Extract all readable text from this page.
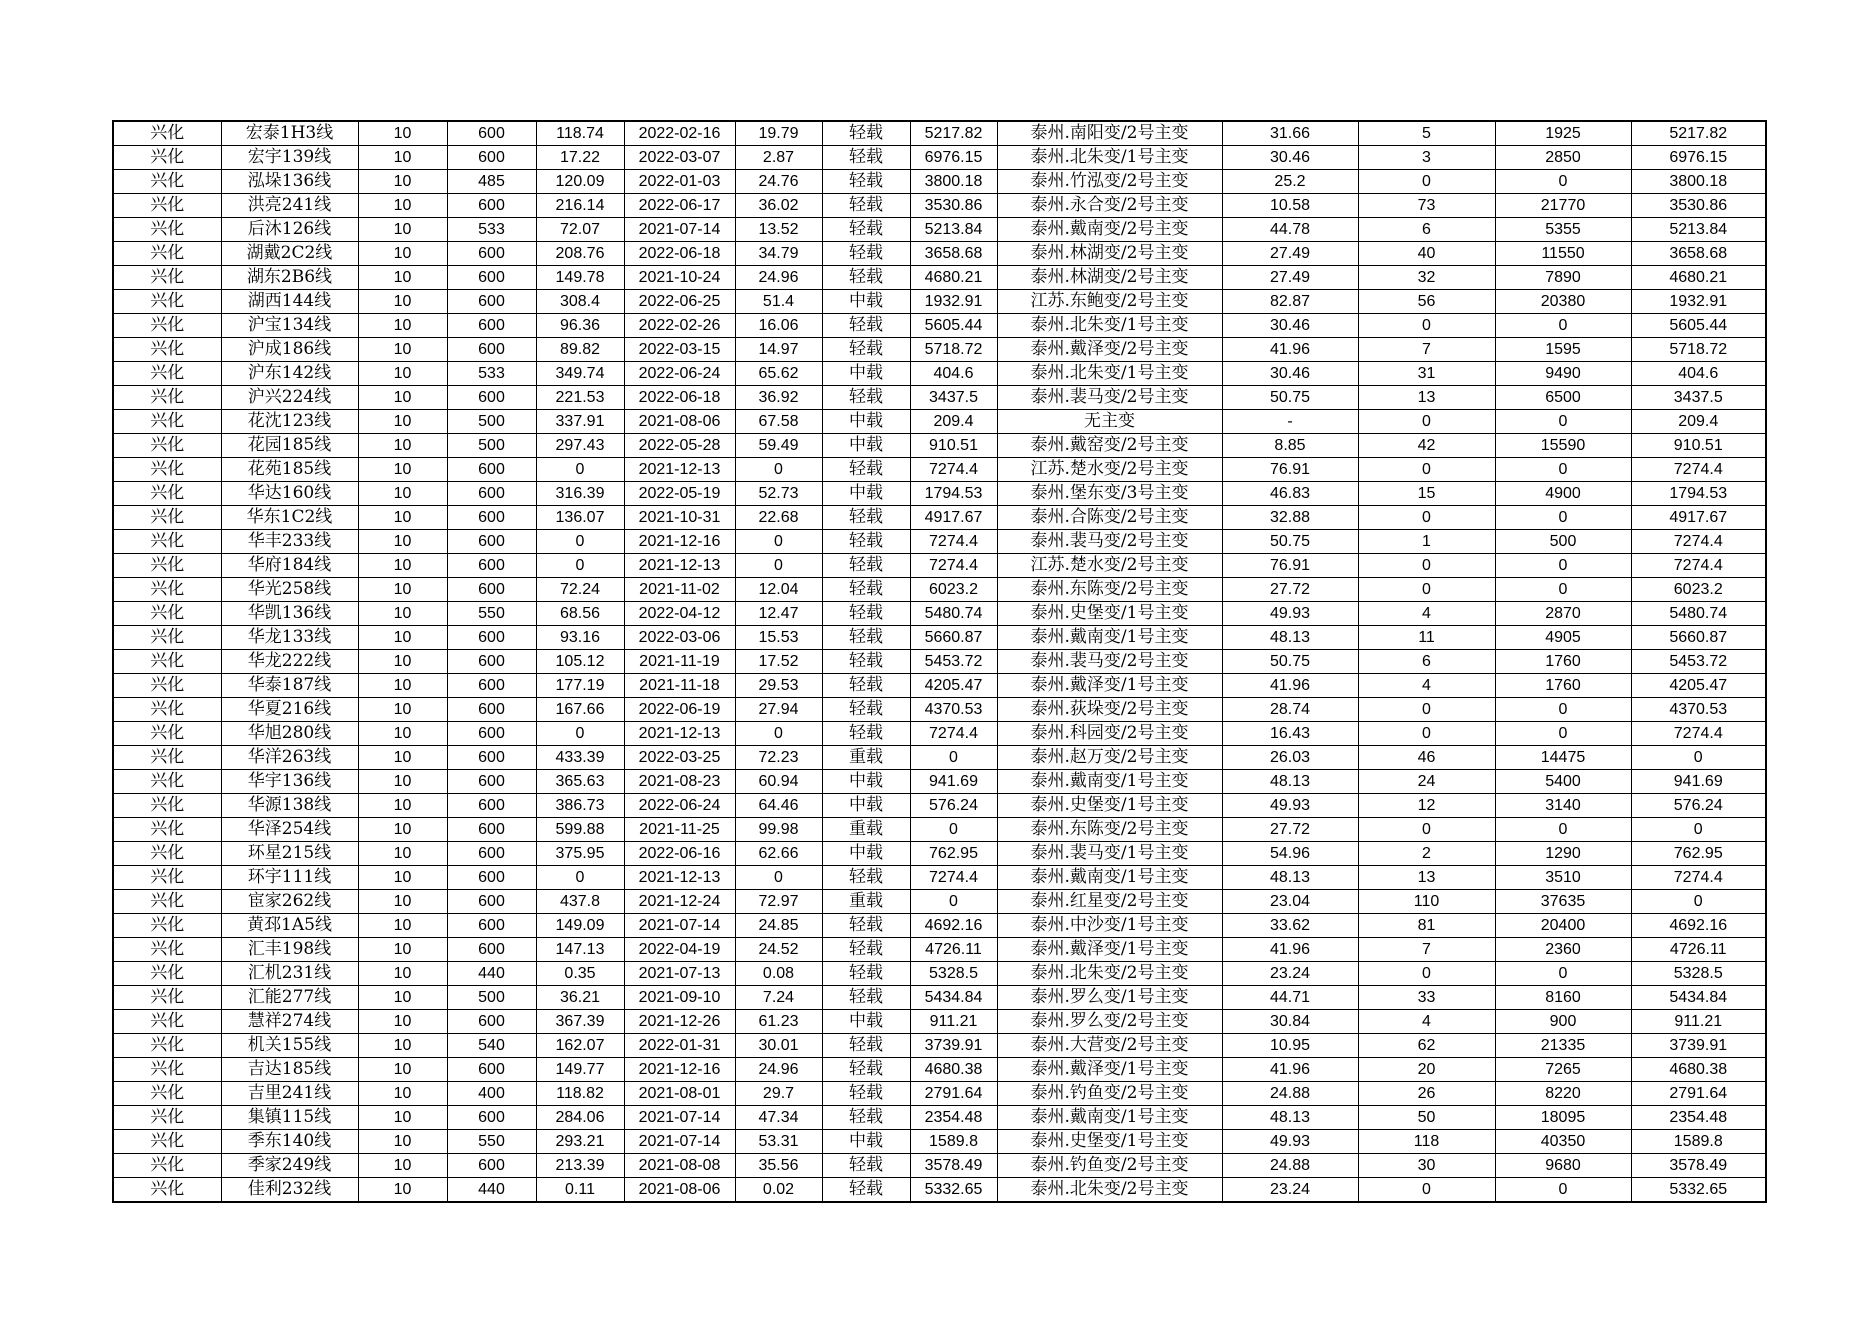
兴化	宏泰1H3线	10	600	118.74	2022-02-16	19.79	轻载	5217.82	泰州.南阳变/2号主变	31.66	5	1925	5217.82
兴化	宏宇139线	10	600	17.22	2022-03-07	2.87	轻载	6976.15	泰州.北朱变/1号主变	30.46	3	2850	6976.15
兴化	泓垛136线	10	485	120.09	2022-01-03	24.76	轻载	3800.18	泰州.竹泓变/2号主变	25.2	0	0	3800.18
兴化	洪亮241线	10	600	216.14	2022-06-17	36.02	轻载	3530.86	泰州.永合变/2号主变	10.58	73	21770	3530.86
兴化	后沐126线	10	533	72.07	2021-07-14	13.52	轻载	5213.84	泰州.戴南变/2号主变	44.78	6	5355	5213.84
兴化	湖戴2C2线	10	600	208.76	2022-06-18	34.79	轻载	3658.68	泰州.林湖变/2号主变	27.49	40	11550	3658.68
兴化	湖东2B6线	10	600	149.78	2021-10-24	24.96	轻载	4680.21	泰州.林湖变/2号主变	27.49	32	7890	4680.21
兴化	湖西144线	10	600	308.4	2022-06-25	51.4	中载	1932.91	江苏.东鲍变/2号主变	82.87	56	20380	1932.91
兴化	沪宝134线	10	600	96.36	2022-02-26	16.06	轻载	5605.44	泰州.北朱变/1号主变	30.46	0	0	5605.44
兴化	沪成186线	10	600	89.82	2022-03-15	14.97	轻载	5718.72	泰州.戴泽变/2号主变	41.96	7	1595	5718.72
兴化	沪东142线	10	533	349.74	2022-06-24	65.62	中载	404.6	泰州.北朱变/1号主变	30.46	31	9490	404.6
兴化	沪兴224线	10	600	221.53	2022-06-18	36.92	轻载	3437.5	泰州.裴马变/2号主变	50.75	13	6500	3437.5
兴化	花沈123线	10	500	337.91	2021-08-06	67.58	中载	209.4	无主变	-	0	0	209.4
兴化	花园185线	10	500	297.43	2022-05-28	59.49	中载	910.51	泰州.戴窑变/2号主变	8.85	42	15590	910.51
兴化	花苑185线	10	600	0	2021-12-13	0	轻载	7274.4	江苏.楚水变/2号主变	76.91	0	0	7274.4
兴化	华达160线	10	600	316.39	2022-05-19	52.73	中载	1794.53	泰州.堡东变/3号主变	46.83	15	4900	1794.53
兴化	华东1C2线	10	600	136.07	2021-10-31	22.68	轻载	4917.67	泰州.合陈变/2号主变	32.88	0	0	4917.67
兴化	华丰233线	10	600	0	2021-12-16	0	轻载	7274.4	泰州.裴马变/2号主变	50.75	1	500	7274.4
兴化	华府184线	10	600	0	2021-12-13	0	轻载	7274.4	江苏.楚水变/2号主变	76.91	0	0	7274.4
兴化	华光258线	10	600	72.24	2021-11-02	12.04	轻载	6023.2	泰州.东陈变/2号主变	27.72	0	0	6023.2
兴化	华凯136线	10	550	68.56	2022-04-12	12.47	轻载	5480.74	泰州.史堡变/1号主变	49.93	4	2870	5480.74
兴化	华龙133线	10	600	93.16	2022-03-06	15.53	轻载	5660.87	泰州.戴南变/1号主变	48.13	11	4905	5660.87
兴化	华龙222线	10	600	105.12	2021-11-19	17.52	轻载	5453.72	泰州.裴马变/2号主变	50.75	6	1760	5453.72
兴化	华泰187线	10	600	177.19	2021-11-18	29.53	轻载	4205.47	泰州.戴泽变/1号主变	41.96	4	1760	4205.47
兴化	华夏216线	10	600	167.66	2022-06-19	27.94	轻载	4370.53	泰州.荻垛变/2号主变	28.74	0	0	4370.53
兴化	华旭280线	10	600	0	2021-12-13	0	轻载	7274.4	泰州.科园变/2号主变	16.43	0	0	7274.4
兴化	华洋263线	10	600	433.39	2022-03-25	72.23	重载	0	泰州.赵万变/2号主变	26.03	46	14475	0
兴化	华宇136线	10	600	365.63	2021-08-23	60.94	中载	941.69	泰州.戴南变/1号主变	48.13	24	5400	941.69
兴化	华源138线	10	600	386.73	2022-06-24	64.46	中载	576.24	泰州.史堡变/1号主变	49.93	12	3140	576.24
兴化	华泽254线	10	600	599.88	2021-11-25	99.98	重载	0	泰州.东陈变/2号主变	27.72	0	0	0
兴化	环星215线	10	600	375.95	2022-06-16	62.66	中载	762.95	泰州.裴马变/1号主变	54.96	2	1290	762.95
兴化	环宇111线	10	600	0	2021-12-13	0	轻载	7274.4	泰州.戴南变/1号主变	48.13	13	3510	7274.4
兴化	宦家262线	10	600	437.8	2021-12-24	72.97	重载	0	泰州.红星变/2号主变	23.04	110	37635	0
兴化	黄邳1A5线	10	600	149.09	2021-07-14	24.85	轻载	4692.16	泰州.中沙变/1号主变	33.62	81	20400	4692.16
兴化	汇丰198线	10	600	147.13	2022-04-19	24.52	轻载	4726.11	泰州.戴泽变/1号主变	41.96	7	2360	4726.11
兴化	汇机231线	10	440	0.35	2021-07-13	0.08	轻载	5328.5	泰州.北朱变/2号主变	23.24	0	0	5328.5
兴化	汇能277线	10	500	36.21	2021-09-10	7.24	轻载	5434.84	泰州.罗么变/1号主变	44.71	33	8160	5434.84
兴化	慧祥274线	10	600	367.39	2021-12-26	61.23	中载	911.21	泰州.罗么变/2号主变	30.84	4	900	911.21
兴化	机关155线	10	540	162.07	2022-01-31	30.01	轻载	3739.91	泰州.大营变/2号主变	10.95	62	21335	3739.91
兴化	吉达185线	10	600	149.77	2021-12-16	24.96	轻载	4680.38	泰州.戴泽变/1号主变	41.96	20	7265	4680.38
兴化	吉里241线	10	400	118.82	2021-08-01	29.7	轻载	2791.64	泰州.钓鱼变/2号主变	24.88	26	8220	2791.64
兴化	集镇115线	10	600	284.06	2021-07-14	47.34	轻载	2354.48	泰州.戴南变/1号主变	48.13	50	18095	2354.48
兴化	季东140线	10	550	293.21	2021-07-14	53.31	中载	1589.8	泰州.史堡变/1号主变	49.93	118	40350	1589.8
兴化	季家249线	10	600	213.39	2021-08-08	35.56	轻载	3578.49	泰州.钓鱼变/2号主变	24.88	30	9680	3578.49
兴化	佳利232线	10	440	0.11	2021-08-06	0.02	轻载	5332.65	泰州.北朱变/2号主变	23.24	0	0	5332.65
